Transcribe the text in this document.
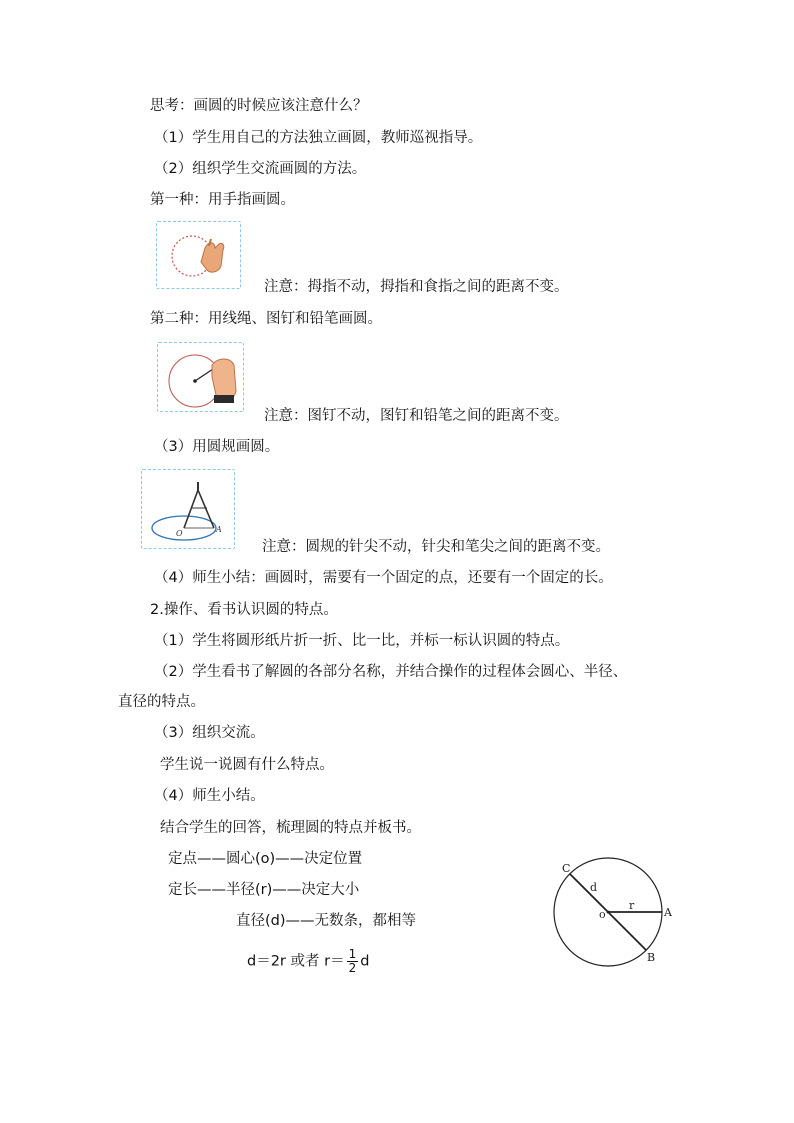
思考：画圆的时候应该注意什么？
（1）学生用自己的方法独立画圆，教师巡视指导。
（2）组织学生交流画圆的方法。
第一种：用手指画圆。
注意：拇指不动，拇指和食指之间的距离不变。
第二种：用线绳、图钉和铅笔画圆。
注意：图钉不动，图钉和铅笔之间的距离不变。
（3）用圆规画圆。
O	A
注意：圆规的针尖不动，针尖和笔尖之间的距离不变。
（4）师生小结：画圆时，需要有一个固定的点，还要有一个固定的长。
2.操作、看书认识圆的特点。
（1）学生将圆形纸片折一折、比一比，并标一标认识圆的特点。
（2）学生看书了解圆的各部分名称，并结合操作的过程体会圆心、半径、
直径的特点。
（3）组织交流。
学生说一说圆有什么特点。
（4）师生小结。
结合学生的回答，梳理圆的特点并板书。
定点——圆心(o)——决定位置
定长——半径(r)——决定大小
直径(d)——无数条，都相等
d＝2r 或者 $r= \frac{1}{2}$ d
C
d
o
r
A
B
